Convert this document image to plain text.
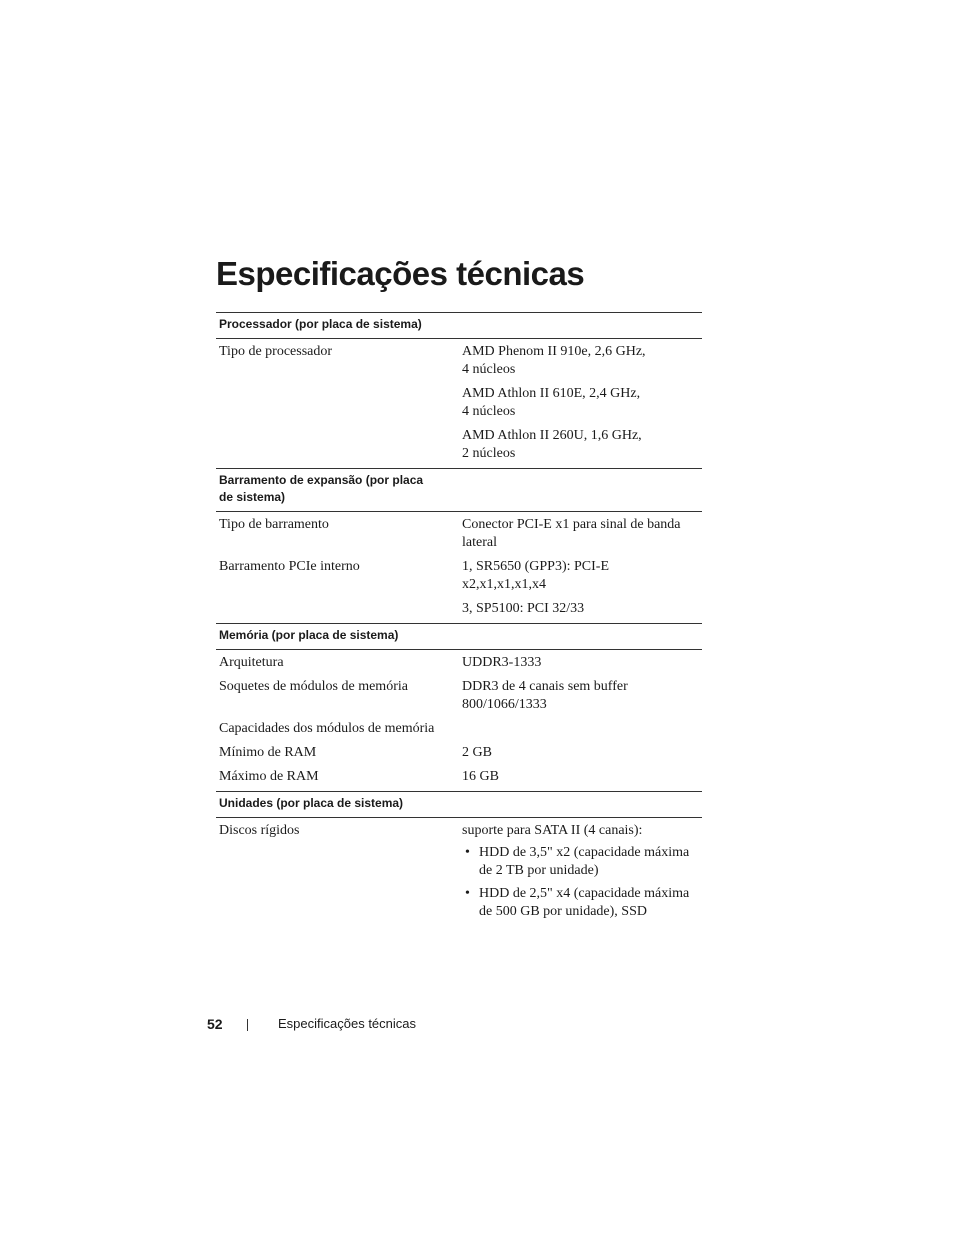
Especificações técnicas
Processador (por placa de sistema)
Tipo de processador	AMD Phenom II 910e, 2,6 GHz,
4 núcleos
AMD Athlon II 610E, 2,4 GHz,
4 núcleos
AMD Athlon II 260U, 1,6 GHz,
2 núcleos
Barramento de expansão (por placa de sistema)
Tipo de barramento	Conector PCI-E x1 para sinal de banda lateral
Barramento PCIe interno	1, SR5650 (GPP3): PCI-E
x2,x1,x1,x1,x4
3, SP5100: PCI 32/33
Memória (por placa de sistema)
Arquitetura	UDDR3-1333
Soquetes de módulos de memória	DDR3 de 4 canais sem buffer
800/1066/1333
Capacidades dos módulos de memória
Mínimo de RAM	2 GB
Máximo de RAM	16 GB
Unidades (por placa de sistema)
Discos rígidos	suporte para SATA II (4 canais):
• HDD de 3,5" x2 (capacidade máxima de 2 TB por unidade)
• HDD de 2,5" x4 (capacidade máxima de 500 GB por unidade), SSD
52	Especificações técnicas
